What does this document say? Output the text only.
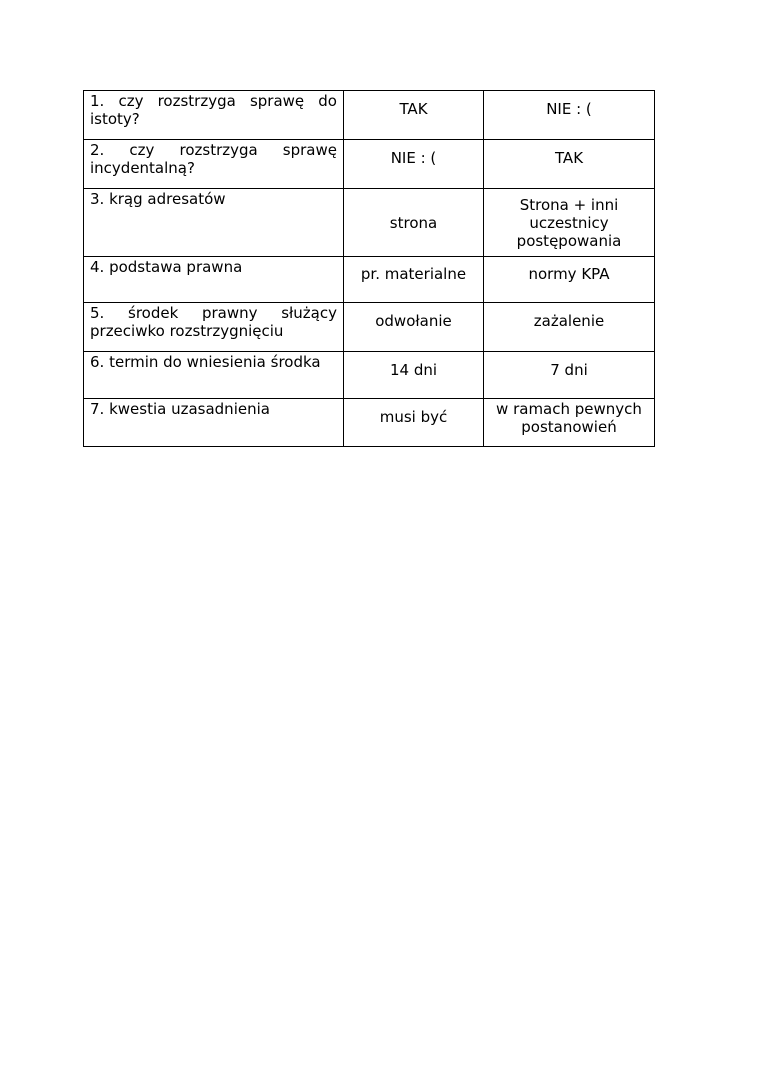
1. czy rozstrzyga sprawę do istoty?	TAK	NIE : (
2. czy rozstrzyga sprawę incydentalną?	NIE : (	TAK
3. krąg adresatów	strona	Strona + inni uczestnicy postępowania
4. podstawa prawna	pr. materialne	normy KPA
5. środek prawny służący przeciwko rozstrzygnięciu	odwołanie	zażalenie
6. termin do wniesienia środka	14 dni	7 dni
7. kwestia uzasadnienia	musi być	w ramach pewnych postanowień
